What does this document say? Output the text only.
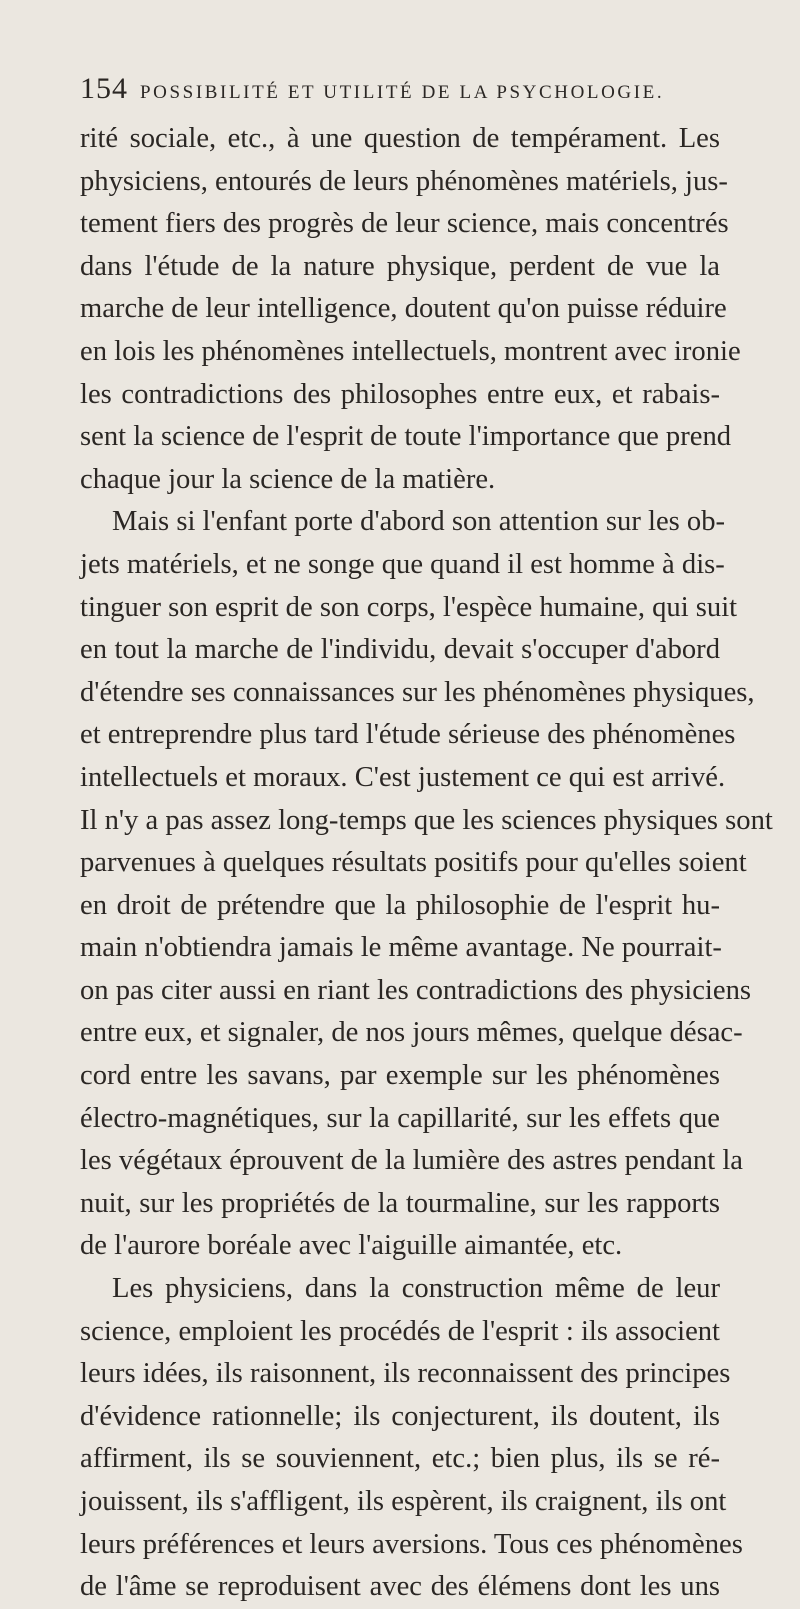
154 POSSIBILITÉ ET UTILITÉ DE LA PSYCHOLOGIE.
rité sociale, etc., à une question de tempérament. Les
physiciens, entourés de leurs phénomènes matériels, jus-
tement fiers des progrès de leur science, mais concentrés
dans l'étude de la nature physique, perdent de vue la
marche de leur intelligence, doutent qu'on puisse réduire
en lois les phénomènes intellectuels, montrent avec ironie
les contradictions des philosophes entre eux, et rabais-
sent la science de l'esprit de toute l'importance que prend
chaque jour la science de la matière.
Mais si l'enfant porte d'abord son attention sur les ob-
jets matériels, et ne songe que quand il est homme à dis-
tinguer son esprit de son corps, l'espèce humaine, qui suit
en tout la marche de l'individu, devait s'occuper d'abord
d'étendre ses connaissances sur les phénomènes physiques,
et entreprendre plus tard l'étude sérieuse des phénomènes
intellectuels et moraux. C'est justement ce qui est arrivé.
Il n'y a pas assez long-temps que les sciences physiques sont
parvenues à quelques résultats positifs pour qu'elles soient
en droit de prétendre que la philosophie de l'esprit hu-
main n'obtiendra jamais le même avantage. Ne pourrait-
on pas citer aussi en riant les contradictions des physiciens
entre eux, et signaler, de nos jours mêmes, quelque désac-
cord entre les savans, par exemple sur les phénomènes
électro-magnétiques, sur la capillarité, sur les effets que
les végétaux éprouvent de la lumière des astres pendant la
nuit, sur les propriétés de la tourmaline, sur les rapports
de l'aurore boréale avec l'aiguille aimantée, etc.
Les physiciens, dans la construction même de leur
science, emploient les procédés de l'esprit : ils associent
leurs idées, ils raisonnent, ils reconnaissent des principes
d'évidence rationnelle; ils conjecturent, ils doutent, ils
affirment, ils se souviennent, etc.; bien plus, ils se ré-
jouissent, ils s'affligent, ils espèrent, ils craignent, ils ont
leurs préférences et leurs aversions. Tous ces phénomènes
de l'âme se reproduisent avec des élémens dont les uns
